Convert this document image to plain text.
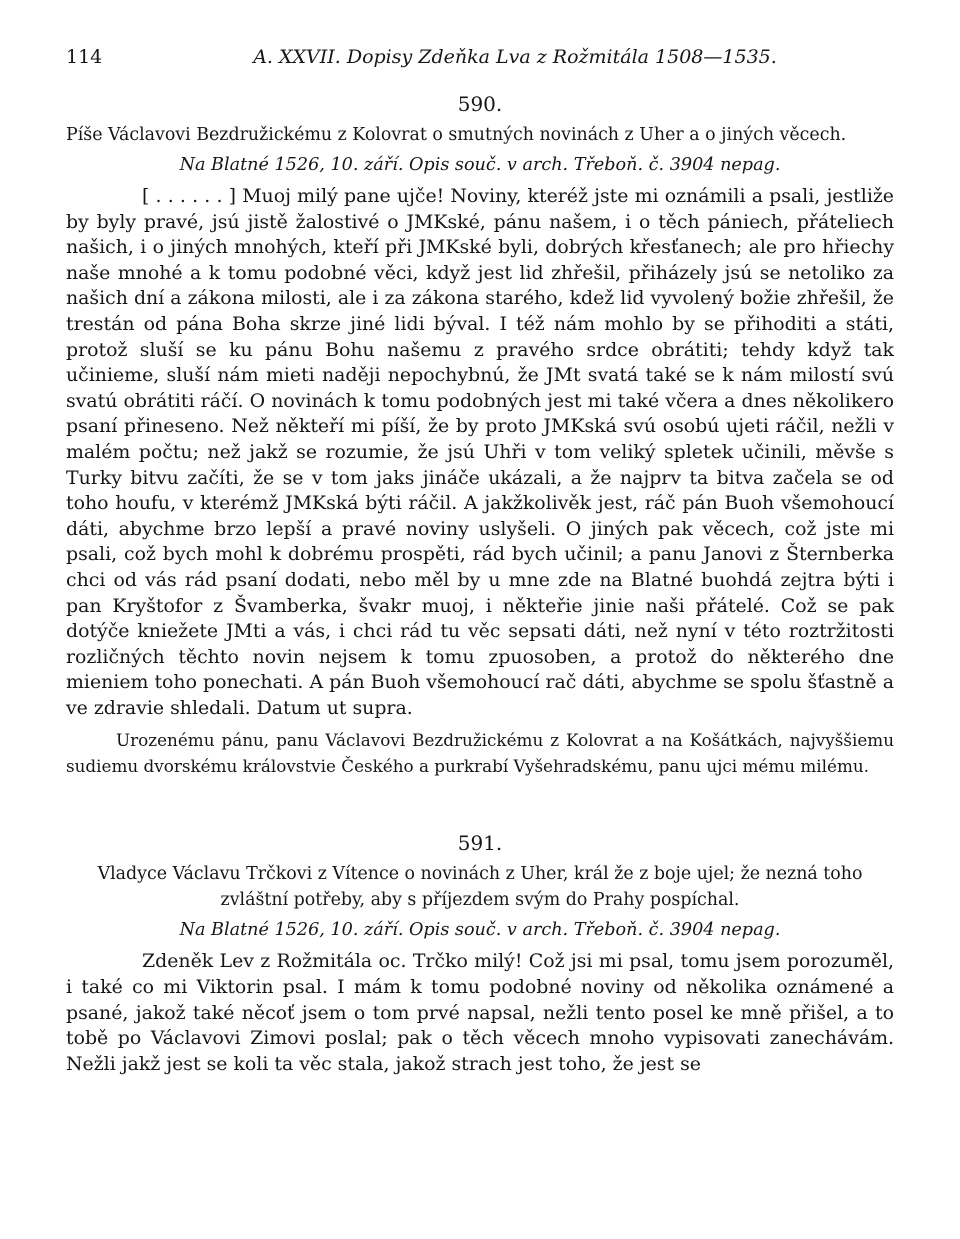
114	A. XXVII. Dopisy Zdeňka Lva z Rožmitála 1508—1535.
590.

Píše Václavovi Bezdružickému z Kolovrat o smutných novinách z Uher a o jiných věcech.

Na Blatné 1526, 10. září. Opis souč. v arch. Třeboň. č. 3904 nepag.

[ . . . . . . ] Muoj milý pane ujče! Noviny, kteréž jste mi oznámili a psali, jestliže by byly pravé, jsú jistě žalostivé o JMKské, pánu našem, i o těch pániech, přáteliech našich, i o jiných mnohých, kteří při JMKské byli, dobrých křesťanech; ale pro hřiechy naše mnohé a k tomu podobné věci, když jest lid zhřešil, přiházely jsú se netoliko za našich dní a zákona milosti, ale i za zákona starého, kdež lid vyvolený božie zhřešil, že trestán od pána Boha skrze jiné lidi býval. I též nám mohlo by se přihoditi a státi, protož sluší se ku pánu Bohu našemu z pravého srdce obrátiti; tehdy když tak učinieme, sluší nám mieti naději nepochybnú, že JMt svatá také se k nám milostí svú svatú obrátiti ráčí. O novinách k tomu podobných jest mi také včera a dnes několikero psaní přineseno. Než někteří mi píší, že by proto JMKská svú osobú ujeti ráčil, nežli v malém počtu; než jakž se rozumie, že jsú Uhři v tom veliký spletek učinili, měvše s Turky bitvu začíti, že se v tom jaks jináče ukázali, a že najprv ta bitva začela se od toho houfu, v kterémž JMKská býti ráčil. A jakžkolivěk jest, ráč pán Buoh všemohoucí dáti, abychme brzo lepší a pravé noviny uslyšeli. O jiných pak věcech, což jste mi psali, což bych mohl k dobrému prospěti, rád bych učinil; a panu Janovi z Šternberka chci od vás rád psaní dodati, nebo měl by u mne zde na Blatné buohdá zejtra býti i pan Kryštofor z Švamberka, švakr muoj, i někteřie jinie naši přátelé. Což se pak dotýče kniežete JMti a vás, i chci rád tu věc sepsati dáti, než nyní v této roztržitosti rozličných těchto novin nejsem k tomu zpuosoben, a protož do některého dne mieniem toho ponechati. A pán Buoh všemohoucí rač dáti, abychme se spolu šťastně a ve zdravie shledali. Datum ut supra.

Urozenému pánu, panu Václavovi Bezdružickému z Kolovrat a na Košátkách, najvyššiemu sudiemu dvorskému královstvie Českého a purkrabí Vyšehradskému, panu ujci mému milému.

591.

Vladyce Václavu Trčkovi z Vítence o novinách z Uher, král že z boje ujel; že nezná toho zvláštní potřeby, aby s příjezdem svým do Prahy pospíchal.

Na Blatné 1526, 10. září. Opis souč. v arch. Třeboň. č. 3904 nepag.

Zdeněk Lev z Rožmitála oc. Trčko milý! Což jsi mi psal, tomu jsem porozuměl, i také co mi Viktorin psal. I mám k tomu podobné noviny od několika oznámené a psané, jakož také něcoť jsem o tom prvé napsal, nežli tento posel ke mně přišel, a to tobě po Václavovi Zimovi poslal; pak o těch věcech mnoho vypisovati zanechávám. Nežli jakž jest se koli ta věc stala, jakož strach jest toho, že jest se
